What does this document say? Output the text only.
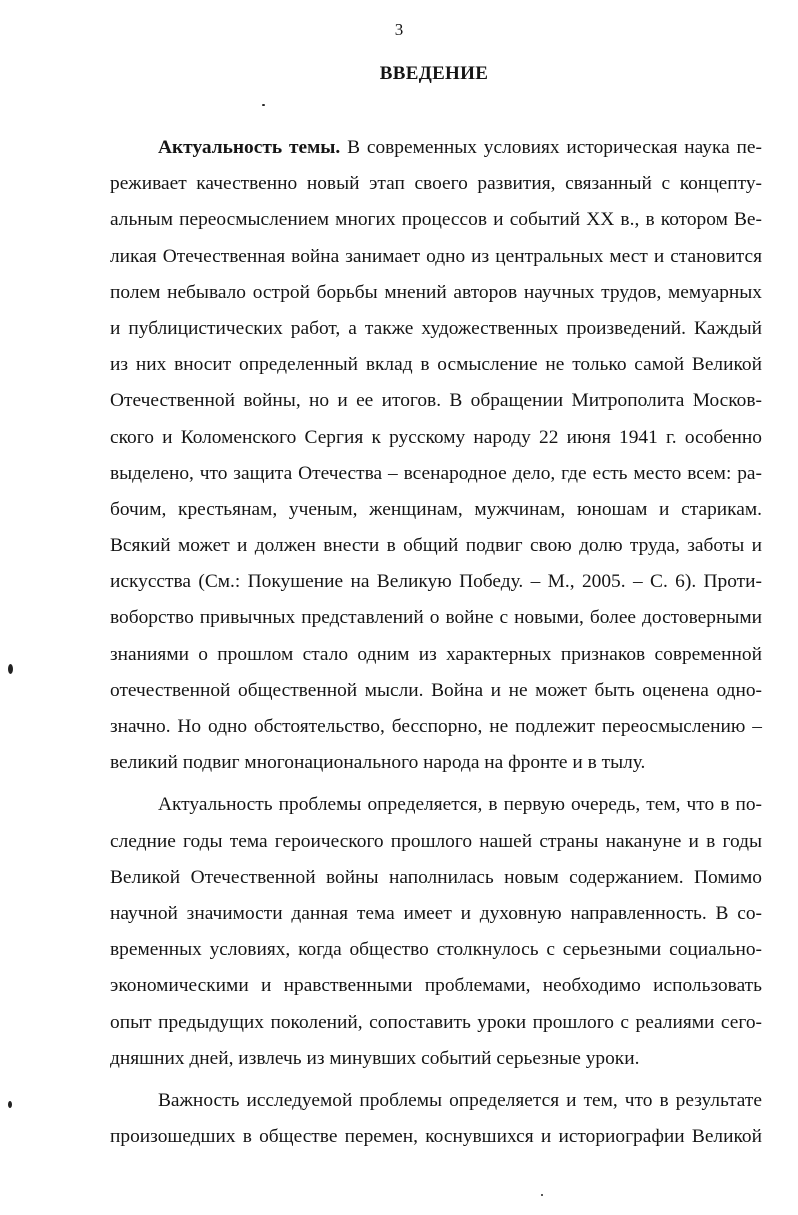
3
ВВЕДЕНИЕ
Актуальность темы. В современных условиях историческая наука пе-
реживает качественно новый этап своего развития, связанный с концепту-
альным переосмыслением многих процессов и событий XX в., в котором Ве-
ликая Отечественная война занимает одно из центральных мест и становится
полем небывало острой борьбы мнений авторов научных трудов, мемуарных
и публицистических работ, а также художественных произведений. Каждый
из них вносит определенный вклад в осмысление не только самой Великой
Отечественной войны, но и ее итогов. В обращении Митрополита Москов-
ского и Коломенского Сергия к русскому народу 22 июня 1941 г. особенно
выделено, что защита Отечества – всенародное дело, где есть место всем: ра-
бочим, крестьянам, ученым, женщинам, мужчинам, юношам и старикам.
Всякий может и должен внести в общий подвиг свою долю труда, заботы и
искусства (См.: Покушение на Великую Победу. – М., 2005. – С. 6). Проти-
воборство привычных представлений о войне с новыми, более достоверными
знаниями о прошлом стало одним из характерных признаков современной
отечественной общественной мысли. Война и не может быть оценена одно-
значно. Но одно обстоятельство, бесспорно, не подлежит переосмыслению –
великий подвиг многонационального народа на фронте и в тылу.
Актуальность проблемы определяется, в первую очередь, тем, что в по-
следние годы тема героического прошлого нашей страны накануне и в годы
Великой Отечественной войны наполнилась новым содержанием. Помимо
научной значимости данная тема имеет и духовную направленность. В со-
временных условиях, когда общество столкнулось с серьезными социально-
экономическими и нравственными проблемами, необходимо использовать
опыт предыдущих поколений, сопоставить уроки прошлого с реалиями сего-
дняшних дней, извлечь из минувших событий серьезные уроки.
Важность исследуемой проблемы определяется и тем, что в результате
произошедших в обществе перемен, коснувшихся и историографии Великой
